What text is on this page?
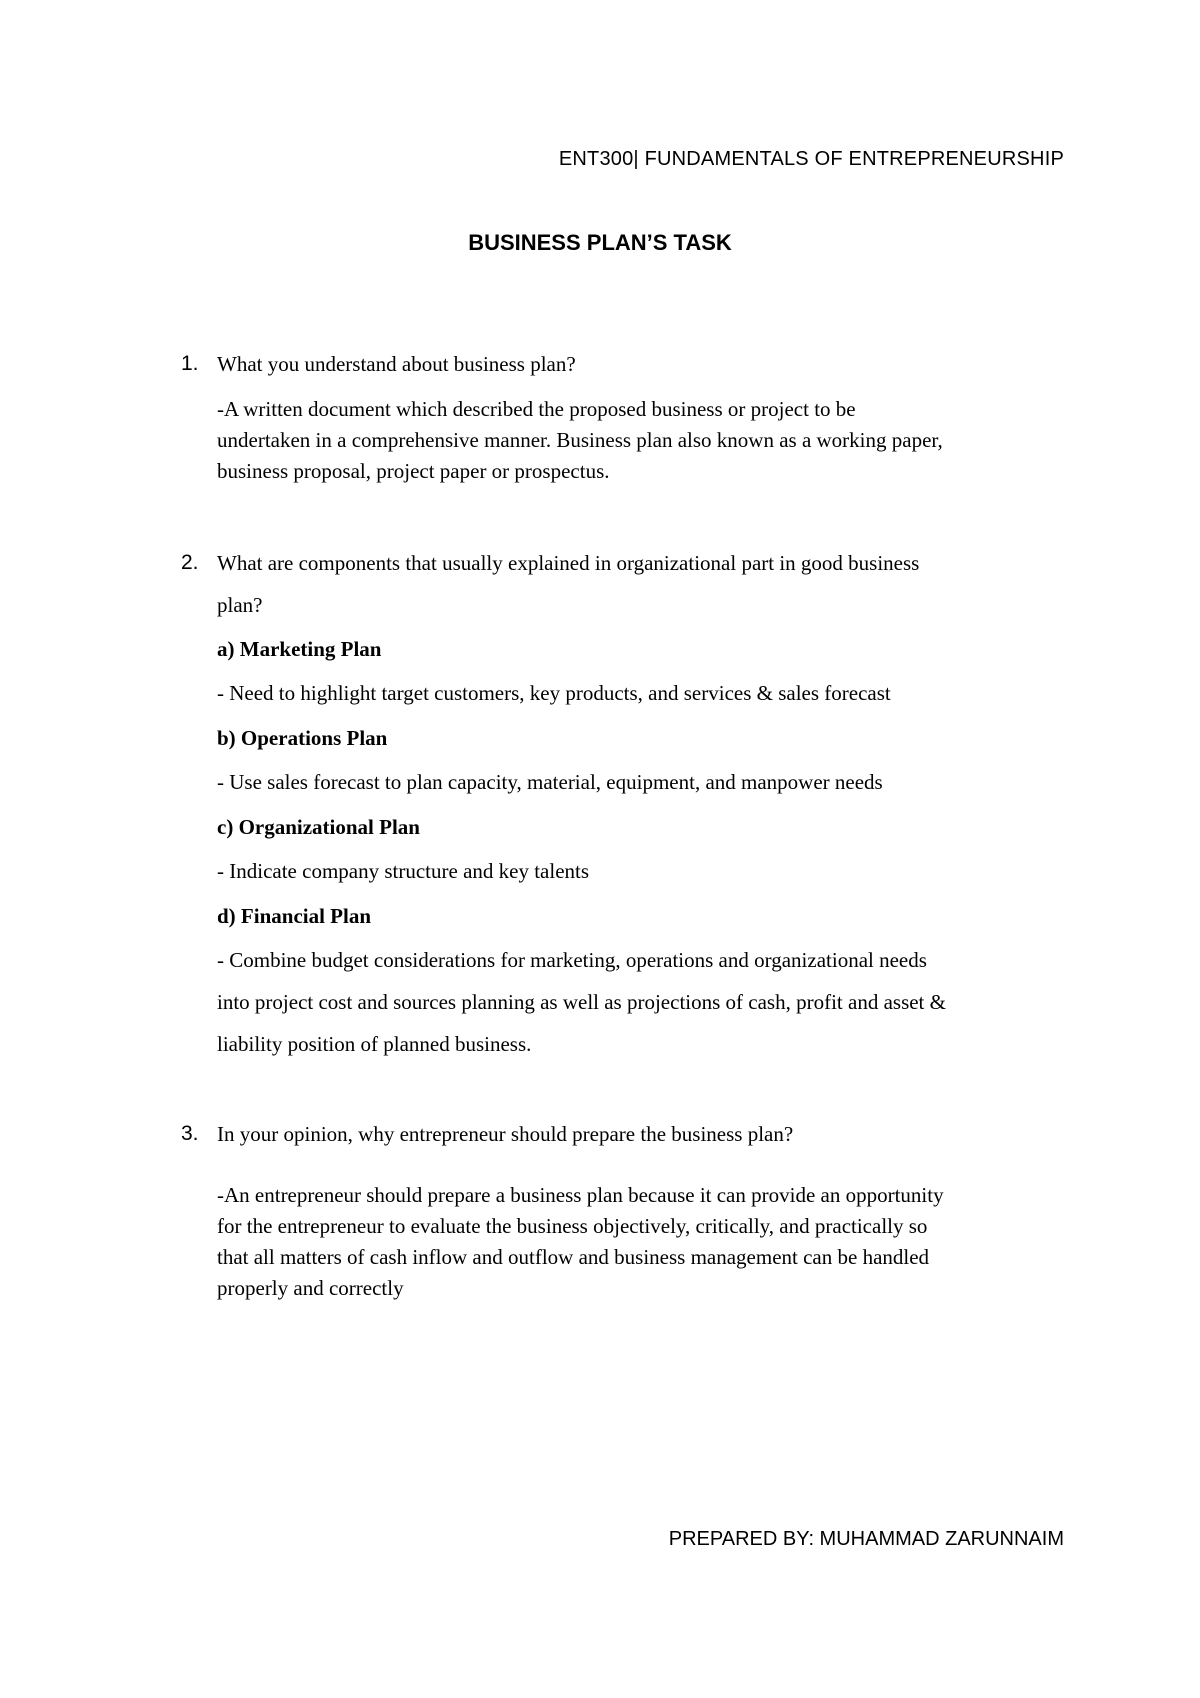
ENT300| FUNDAMENTALS OF ENTREPRENEURSHIP
BUSINESS PLAN’S TASK
1. What you understand about business plan?
-A written document which described the proposed business or project to be
undertaken in a comprehensive manner. Business plan also known as a working paper,
business proposal, project paper or prospectus.
2. What are components that usually explained in organizational part in good business
plan?
a) Marketing Plan
- Need to highlight target customers, key products, and services & sales forecast
b) Operations Plan
- Use sales forecast to plan capacity, material, equipment, and manpower needs
c) Organizational Plan
- Indicate company structure and key talents
d) Financial Plan
- Combine budget considerations for marketing, operations and organizational needs
into project cost and sources planning as well as projections of cash, profit and asset &
liability position of planned business.
3. In your opinion, why entrepreneur should prepare the business plan?
-An entrepreneur should prepare a business plan because it can provide an opportunity
for the entrepreneur to evaluate the business objectively, critically, and practically so
that all matters of cash inflow and outflow and business management can be handled
properly and correctly
PREPARED BY: MUHAMMAD ZARUNNAIM
